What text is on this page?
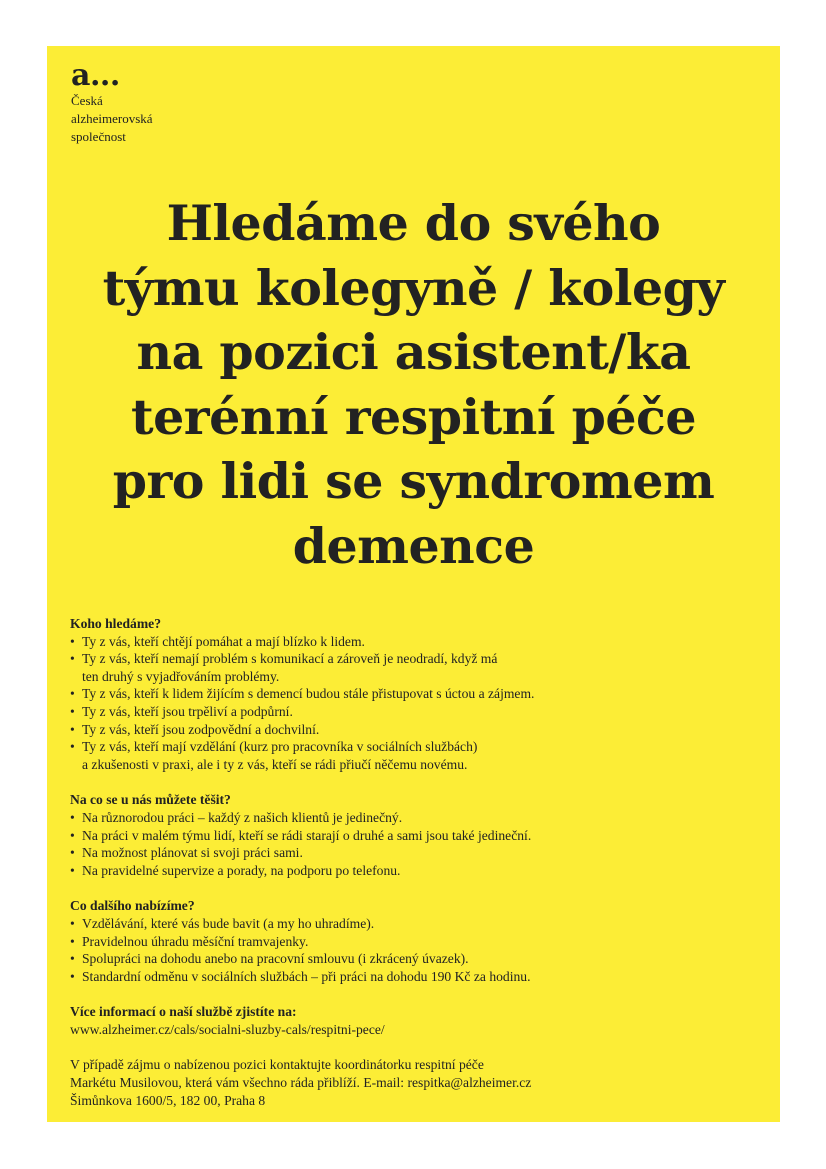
a...
Česká
alzheimerovská
společnost
Hledáme do svého
týmu kolegyně / kolegy
na pozici asistent/ka
terénní respitní péče
pro lidi se syndromem
demence
Koho hledáme?
• Ty z vás, kteří chtějí pomáhat a mají blízko k lidem.
• Ty z vás, kteří nemají problém s komunikací a zároveň je neodradí, když má
ten druhý s vyjadřováním problémy.
• Ty z vás, kteří k lidem žijícím s demencí budou stále přistupovat s úctou a zájmem.
• Ty z vás, kteří jsou trpěliví a podpůrní.
• Ty z vás, kteří jsou zodpovědní a dochvilní.
• Ty z vás, kteří mají vzdělání (kurz pro pracovníka v sociálních službách)
a zkušenosti v praxi, ale i ty z vás, kteří se rádi přiučí něčemu novému.
Na co se u nás můžete těšit?
• Na různorodou práci – každý z našich klientů je jedinečný.
• Na práci v malém týmu lidí, kteří se rádi starají o druhé a sami jsou také jedineční.
• Na možnost plánovat si svoji práci sami.
• Na pravidelné supervize a porady, na podporu po telefonu.
Co dalšího nabízíme?
• Vzdělávání, které vás bude bavit (a my ho uhradíme).
• Pravidelnou úhradu měsíční tramvajenky.
• Spolupráci na dohodu anebo na pracovní smlouvu (i zkrácený úvazek).
• Standardní odměnu v sociálních službách – při práci na dohodu 190 Kč za hodinu.
Více informací o naší službě zjistíte na:
www.alzheimer.cz/cals/socialni-sluzby-cals/respitni-pece/
V případě zájmu o nabízenou pozici kontaktujte koordinátorku respitní péče
Markétu Musilovou, která vám všechno ráda přiblíží. E-mail: respitka@alzheimer.cz
Šimůnkova 1600/5, 182 00, Praha 8
